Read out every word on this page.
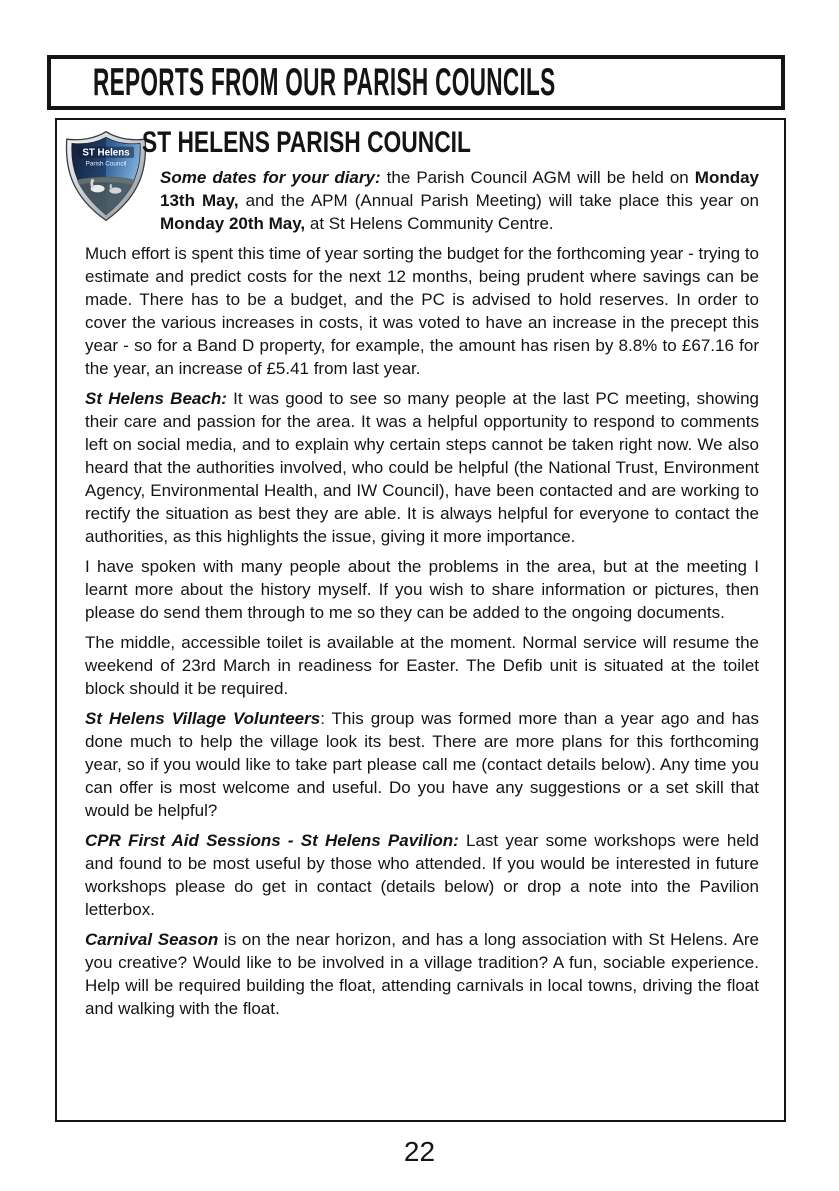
REPORTS FROM OUR PARISH COUNCILS
ST Helens
Parish Council
ST HELENS PARISH COUNCIL

Some dates for your diary: the Parish Council AGM will be held on Monday 13th May, and the APM (Annual Parish Meeting) will take place this year on Monday 20th May, at St Helens Community Centre.

Much effort is spent this time of year sorting the budget for the forthcoming year - trying to estimate and predict costs for the next 12 months, being prudent where savings can be made. There has to be a budget, and the PC is advised to hold reserves. In order to cover the various increases in costs, it was voted to have an increase in the precept this year - so for a Band D property, for example, the amount has risen by 8.8% to £67.16 for the year, an increase of £5.41 from last year.

St Helens Beach: It was good to see so many people at the last PC meeting, showing their care and passion for the area. It was a helpful opportunity to respond to comments left on social media, and to explain why certain steps cannot be taken right now. We also heard that the authorities involved, who could be helpful (the National Trust, Environment Agency, Environmental Health, and IW Council), have been contacted and are working to rectify the situation as best they are able. It is always helpful for everyone to contact the authorities, as this highlights the issue, giving it more importance.

I have spoken with many people about the problems in the area, but at the meeting I learnt more about the history myself. If you wish to share information or pictures, then please do send them through to me so they can be added to the ongoing documents.

The middle, accessible toilet is available at the moment. Normal service will resume the weekend of 23rd March in readiness for Easter. The Defib unit is situated at the toilet block should it be required.

St Helens Village Volunteers: This group was formed more than a year ago and has done much to help the village look its best. There are more plans for this forthcoming year, so if you would like to take part please call me (contact details below). Any time you can offer is most welcome and useful. Do you have any suggestions or a set skill that would be helpful?

CPR First Aid Sessions - St Helens Pavilion: Last year some workshops were held and found to be most useful by those who attended. If you would be interested in future workshops please do get in contact (details below) or drop a note into the Pavilion letterbox.

Carnival Season is on the near horizon, and has a long association with St Helens. Are you creative? Would like to be involved in a village tradition? A fun, sociable experience. Help will be required building the float, attending carnivals in local towns, driving the float and walking with the float.

22
